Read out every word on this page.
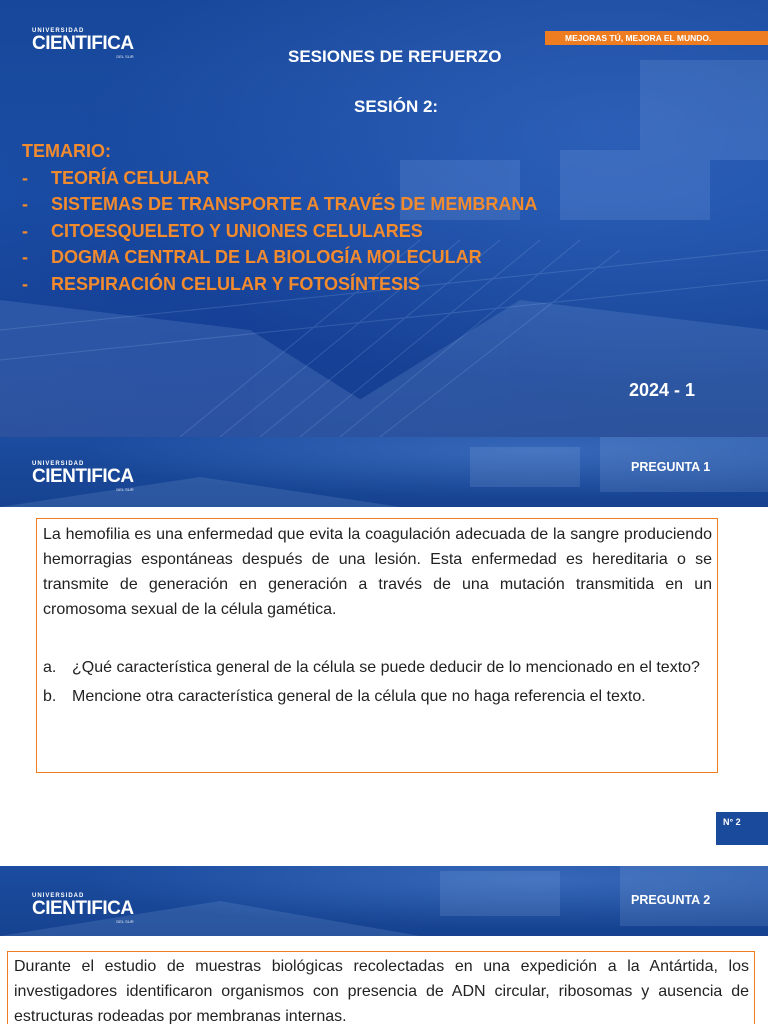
UNIVERSIDAD
CIENTIFICA
DEL SUR
MEJORAS TÚ, MEJORA EL MUNDO.
SESIONES DE REFUERZO
SESIÓN 2:
TEMARIO:
- TEORÍA CELULAR
- SISTEMAS DE TRANSPORTE A TRAVÉS DE MEMBRANA
- CITOESQUELETO Y UNIONES CELULARES
- DOGMA CENTRAL DE LA BIOLOGÍA MOLECULAR
- RESPIRACIÓN CELULAR Y FOTOSÍNTESIS
2024 - 1
UNIVERSIDAD
CIENTIFICA
DEL SUR
PREGUNTA 1

La hemofilia es una enfermedad que evita la coagulación adecuada de la sangre produciendo hemorragias espontáneas después de una lesión. Esta enfermedad es hereditaria o se transmite de generación en generación a través de una mutación transmitida en un cromosoma sexual de la célula gamética.

a. ¿Qué característica general de la célula se puede deducir de lo mencionado en el texto?
b. Mencione otra característica general de la célula que no haga referencia el texto.
N° 2
UNIVERSIDAD
CIENTIFICA
DEL SUR
PREGUNTA 2

Durante el estudio de muestras biológicas recolectadas en una expedición a la Antártida, los investigadores identificaron organismos con presencia de ADN circular, ribosomas y ausencia de estructuras rodeadas por membranas internas.
